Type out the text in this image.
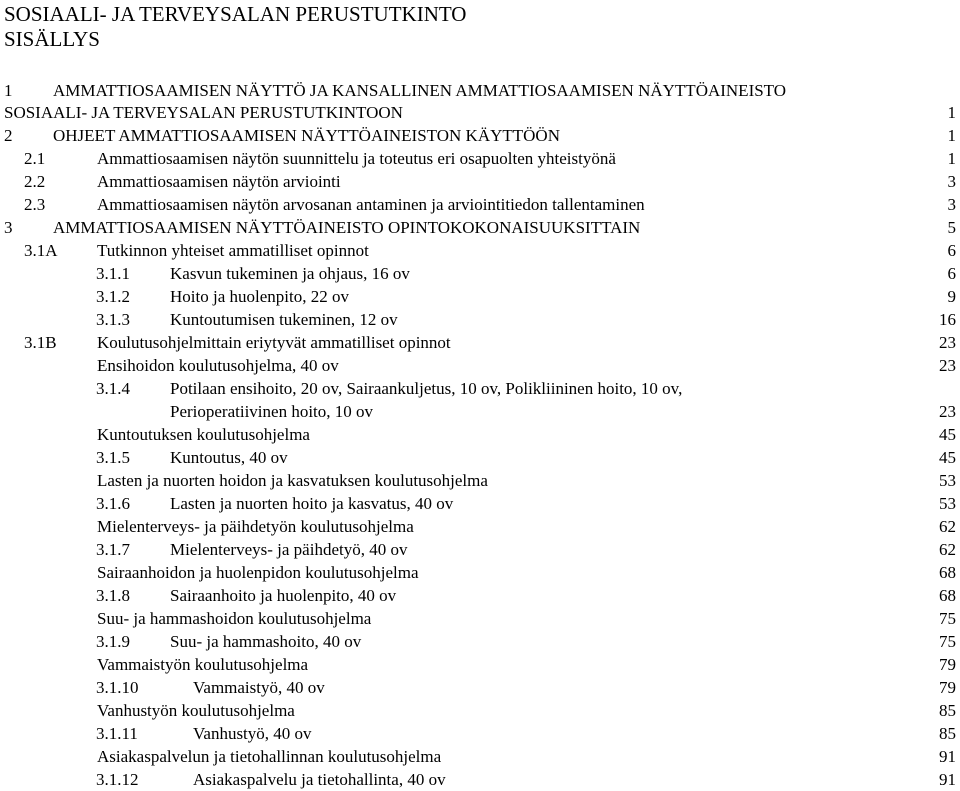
SOSIAALI- JA TERVEYSALAN PERUSTUTKINTO
SISÄLLYS
1 AMMATTIOSAAMISEN NÄYTTÖ JA KANSALLINEN AMMATTIOSAAMISEN NÄYTTÖAINEISTO
SOSIAALI- JA TERVEYSALAN PERUSTUTKINTOON	1
2 OHJEET AMMATTIOSAAMISEN NÄYTTÖAINEISTON KÄYTTÖÖN	1
2.1	Ammattiosaamisen näytön suunnittelu ja toteutus eri osapuolten yhteistyönä	1
2.2	Ammattiosaamisen näytön arviointi	3
2.3	Ammattiosaamisen näytön arvosanan antaminen ja arviointitiedon tallentaminen	3
3 AMMATTIOSAAMISEN NÄYTTÖAINEISTO OPINTOKOKONAISUUKSITTAIN	5
3.1A Tutkinnon yhteiset ammatilliset opinnot	6
3.1.1 Kasvun tukeminen ja ohjaus, 16 ov	6
3.1.2 Hoito ja huolenpito, 22 ov	9
3.1.3 Kuntoutumisen tukeminen, 12 ov	16
3.1B Koulutusohjelmittain eriytyvät ammatilliset opinnot	23
Ensihoidon koulutusohjelma, 40 ov	23
3.1.4 Potilaan ensihoito, 20 ov, Sairaankuljetus, 10 ov, Polikliininen hoito, 10 ov,
Perioperatiivinen hoito, 10 ov	23
Kuntoutuksen koulutusohjelma	45
3.1.5 Kuntoutus, 40 ov	45
Lasten ja nuorten hoidon ja kasvatuksen koulutusohjelma	53
3.1.6 Lasten ja nuorten hoito ja kasvatus, 40 ov	53
Mielenterveys- ja päihdetyön koulutusohjelma	62
3.1.7 Mielenterveys- ja päihdetyö, 40 ov	62
Sairaanhoidon ja huolenpidon koulutusohjelma	68
3.1.8 Sairaanhoito ja huolenpito, 40 ov	68
Suu- ja hammashoidon koulutusohjelma	75
3.1.9 Suu- ja hammashoito, 40 ov	75
Vammaistyön koulutusohjelma	79
3.1.10	Vammaistyö, 40 ov	79
Vanhustyön koulutusohjelma	85
3.1.11	Vanhustyö, 40 ov	85
Asiakaspalvelun ja tietohallinnan koulutusohjelma	91
3.1.12	Asiakaspalvelu ja tietohallinta, 40 ov	91
